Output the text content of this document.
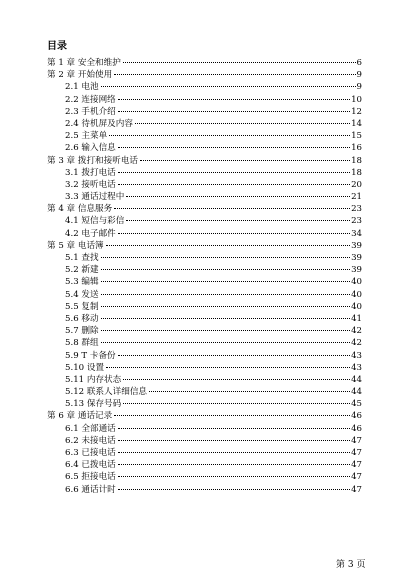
目录
第 1 章 安全和维护	6
第 2 章 开始使用	9
2.1 电池	9
2.2 连接网络	10
2.3 手机介绍	12
2.4 待机屏及内容	14
2.5 主菜单	15
2.6 输入信息	16
第 3 章 拨打和接听电话	18
3.1 拨打电话	18
3.2 接听电话	20
3.3 通话过程中	21
第 4 章 信息服务	23
4.1 短信与彩信	23
4.2 电子邮件	34
第 5 章 电话簿	39
5.1 查找	39
5.2 新建	39
5.3 编辑	40
5.4 发送	40
5.5 复制	40
5.6 移动	41
5.7 删除	42
5.8 群组	42
5.9 T 卡备份	43
5.10 设置	43
5.11 内存状态	44
5.12 联系人详细信息	44
5.13 保存号码	45
第 6 章 通话记录	46
6.1 全部通话	46
6.2 未接电话	47
6.3 已接电话	47
6.4 已拨电话	47
6.5 拒接电话	47
6.6 通话计时	47
第 3 页
